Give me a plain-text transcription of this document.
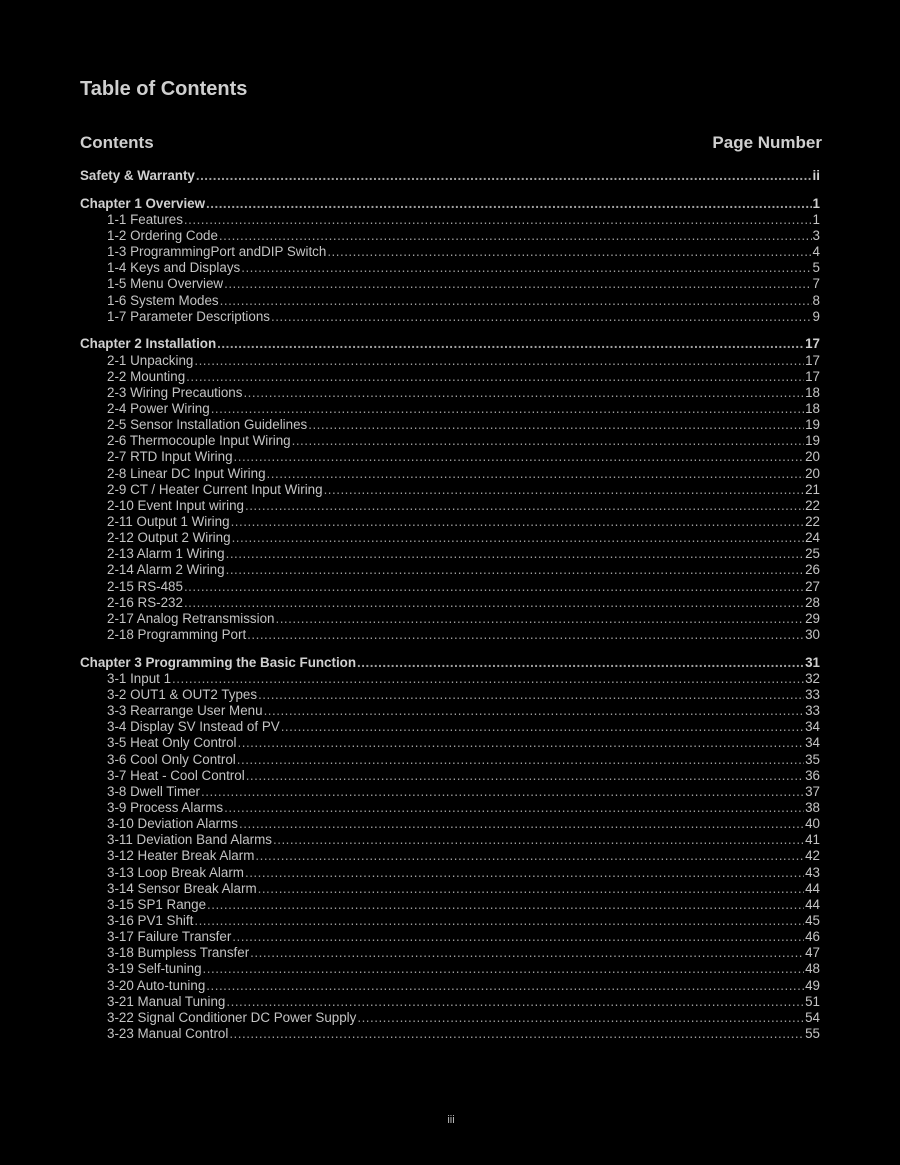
Table of Contents
Contents	Page Number
Safety & Warranty .....	ii
Chapter 1 Overview .....	1
1-1 Features .....	1
1-2 Ordering Code .....	3
1-3 ProgrammingPort andDIP Switch .....	4
1-4 Keys and Displays .....	5
1-5 Menu Overview .....	7
1-6 System Modes .....	8
1-7 Parameter Descriptions .....	9
Chapter 2 Installation .....	17
2-1 Unpacking .....	17
2-2 Mounting .....	17
2-3 Wiring Precautions .....	18
2-4 Power Wiring .....	18
2-5 Sensor Installation Guidelines .....	19
2-6 Thermocouple Input Wiring .....	19
2-7 RTD Input Wiring .....	20
2-8 Linear DC Input Wiring .....	20
2-9 CT / Heater Current Input Wiring .....	21
2-10 Event Input wiring .....	22
2-11 Output 1 Wiring .....	22
2-12 Output 2 Wiring .....	24
2-13 Alarm 1 Wiring .....	25
2-14 Alarm 2 Wiring .....	26
2-15 RS-485 .....	27
2-16 RS-232 .....	28
2-17 Analog Retransmission .....	29
2-18 Programming Port .....	30
Chapter 3 Programming the Basic Function .....	31
3-1 Input 1 .....	32
3-2 OUT1 & OUT2 Types .....	33
3-3 Rearrange User Menu .....	33
3-4 Display SV Instead of PV .....	34
3-5 Heat Only Control .....	34
3-6 Cool Only Control .....	35
3-7 Heat - Cool Control .....	36
3-8 Dwell Timer .....	37
3-9 Process Alarms .....	38
3-10 Deviation Alarms .....	40
3-11 Deviation Band Alarms .....	41
3-12 Heater Break Alarm .....	42
3-13 Loop Break Alarm .....	43
3-14 Sensor Break Alarm .....	44
3-15 SP1 Range .....	44
3-16 PV1 Shift .....	45
3-17 Failure Transfer .....	46
3-18 Bumpless Transfer .....	47
3-19 Self-tuning .....	48
3-20 Auto-tuning .....	49
3-21 Manual Tuning .....	51
3-22 Signal Conditioner DC Power Supply .....	54
3-23 Manual Control .....	55
iii
